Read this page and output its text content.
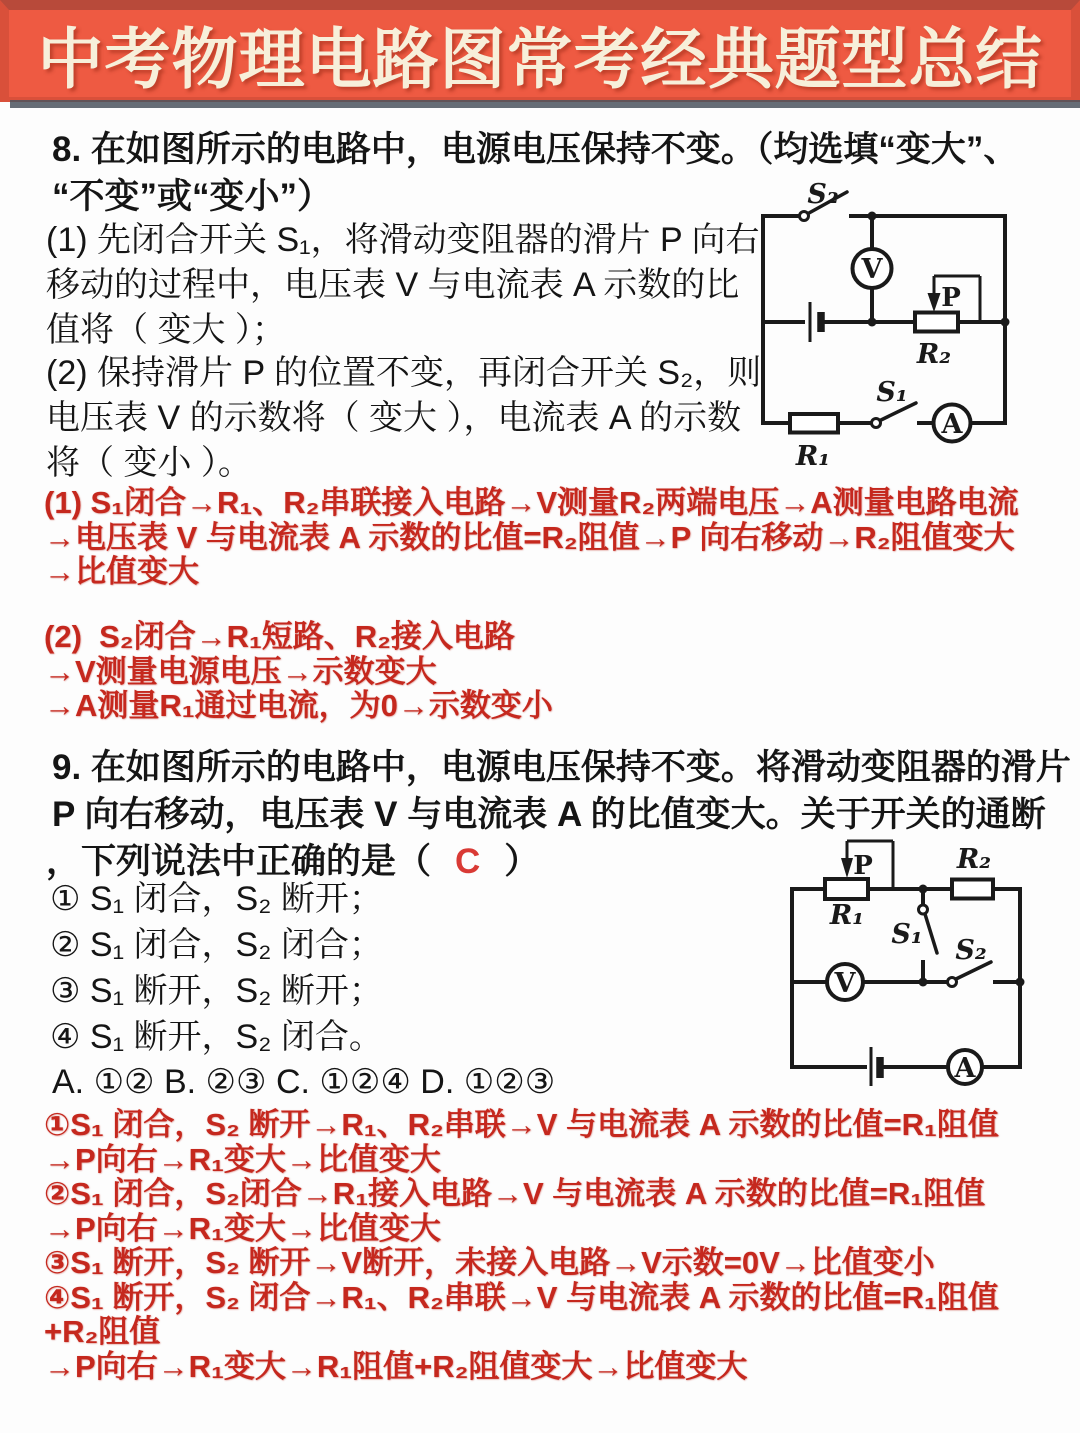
中考物理电路图常考经典题型总结
8. 在如图所示的电路中，电源电压保持不变。（均选填“变大”、
“不变”或“变小”）
(1) 先闭合开关 S₁，将滑动变阻器的滑片 P 向右
移动的过程中，电压表 V 与电流表 A 示数的比
值将（ 变大 ）；
(2) 保持滑片 P 的位置不变，再闭合开关 S₂，则
电压表 V 的示数将（ 变大 ），电流表 A 的示数
将（ 变小 ）。
(1) S₁闭合→R₁、R₂串联接入电路→V测量R₂两端电压→A测量电路电流
→电压表 V 与电流表 A 示数的比值=R₂阻值→P 向右移动→R₂阻值变大
→比值变大
(2)  S₂闭合→R₁短路、R₂接入电路
→V测量电源电压→示数变大
→A测量R₁通过电流，为0→示数变小
S₂
V
P
R₂
R₁
S₁
A
9. 在如图所示的电路中，电源电压保持不变。将滑动变阻器的滑片
P 向右移动，电压表 V 与电流表 A 的比值变大。关于开关的通断
，下列说法中正确的是（ C ）
① S₁ 闭合，S₂ 断开；
② S₁ 闭合，S₂ 闭合；
③ S₁ 断开，S₂ 断开；
④ S₁ 断开，S₂ 闭合。
A. ①② B. ②③ C. ①②④ D. ①②③
①S₁ 闭合，S₂ 断开→R₁、R₂串联→V 与电流表 A 示数的比值=R₁阻值
→P向右→R₁变大→比值变大
②S₁ 闭合，S₂闭合→R₁接入电路→V 与电流表 A 示数的比值=R₁阻值
→P向右→R₁变大→比值变大
③S₁ 断开，S₂ 断开→V断开，未接入电路→V示数=0V→比值变小
④S₁ 断开，S₂ 闭合→R₁、R₂串联→V 与电流表 A 示数的比值=R₁阻值
+R₂阻值
→P向右→R₁变大→R₁阻值+R₂阻值变大→比值变大
P
R₁
R₂
S₁
V
S₂
A
